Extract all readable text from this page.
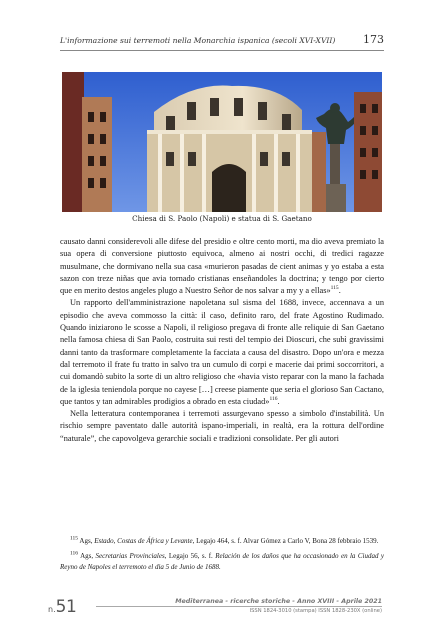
L'informazione sui terremoti nella Monarchia ispanica (secoli XVI-XVII)	173
Chiesa di S. Paolo (Napoli) e statua di S. Gaetano

causato danni considerevoli alle difese del presidio e oltre cento morti, ma dio aveva premiato la sua opera di conversione piuttosto equivoca, almeno ai nostri occhi, di tredici ragazze musulmane, che dormivano nella sua casa «murieron pasadas de cient animas y yo estaba a esta sazon con treze niñas que avia tornado cristianas enseñandoles la doctrina; y tengo por cierto que en merito destos angeles plugo a Nuestro Señor de nos salvar a my y a ellas»$^{115}$.

Un rapporto dell'amministrazione napoletana sul sisma del 1688, invece, accennava a un episodio che aveva commosso la città: il caso, definito raro, del frate Agostino Rudimado. Quando iniziarono le scosse a Napoli, il religioso pregava di fronte alle reliquie di San Gaetano nella famosa chiesa di San Paolo, costruita sui resti del tempio dei Dioscuri, che subì gravissimi danni tanto da trasformare completamente la facciata a causa del disastro. Dopo un'ora e mezza dal terremoto il frate fu tratto in salvo tra un cumulo di corpi e macerie dai primi soccorritori, a cui domandò subito la sorte di un altro religioso che «havia visto reparar con la mano la fachada de la iglesia teniendola porque no cayese […] creese piamente que seria el glorioso San Cactano, que tantos y tan admirables prodigios a obrado en esta ciudad»$^{116}$.

Nella letteratura contemporanea i terremoti assurgevano spesso a simbolo d'instabilità. Un rischio sempre paventato dalle autorità ispano-imperiali, in realtà, era la rottura dell'ordine “naturale”, che capovolgeva gerarchie sociali e tradizioni consolidate. Per gli autori

$^{115}$ Ags, Estado, Costas de África y Levante, Legajo 464, s. f. Alvar Gómez a Carlo V, Bona 28 febbraio 1539.

$^{116}$ Ags, Secretarias Provinciales, Legajo 56, s. f. Relación de los daños que ha occasionado en la Ciudad y Reyno de Napoles el terremoto el dia 5 de Junio de 1688.

n. 51	Mediterranea - ricerche storiche - Anno XVIII - Aprile 2021
ISSN 1824-3010 (stampa) ISSN 1828-230X (online)
